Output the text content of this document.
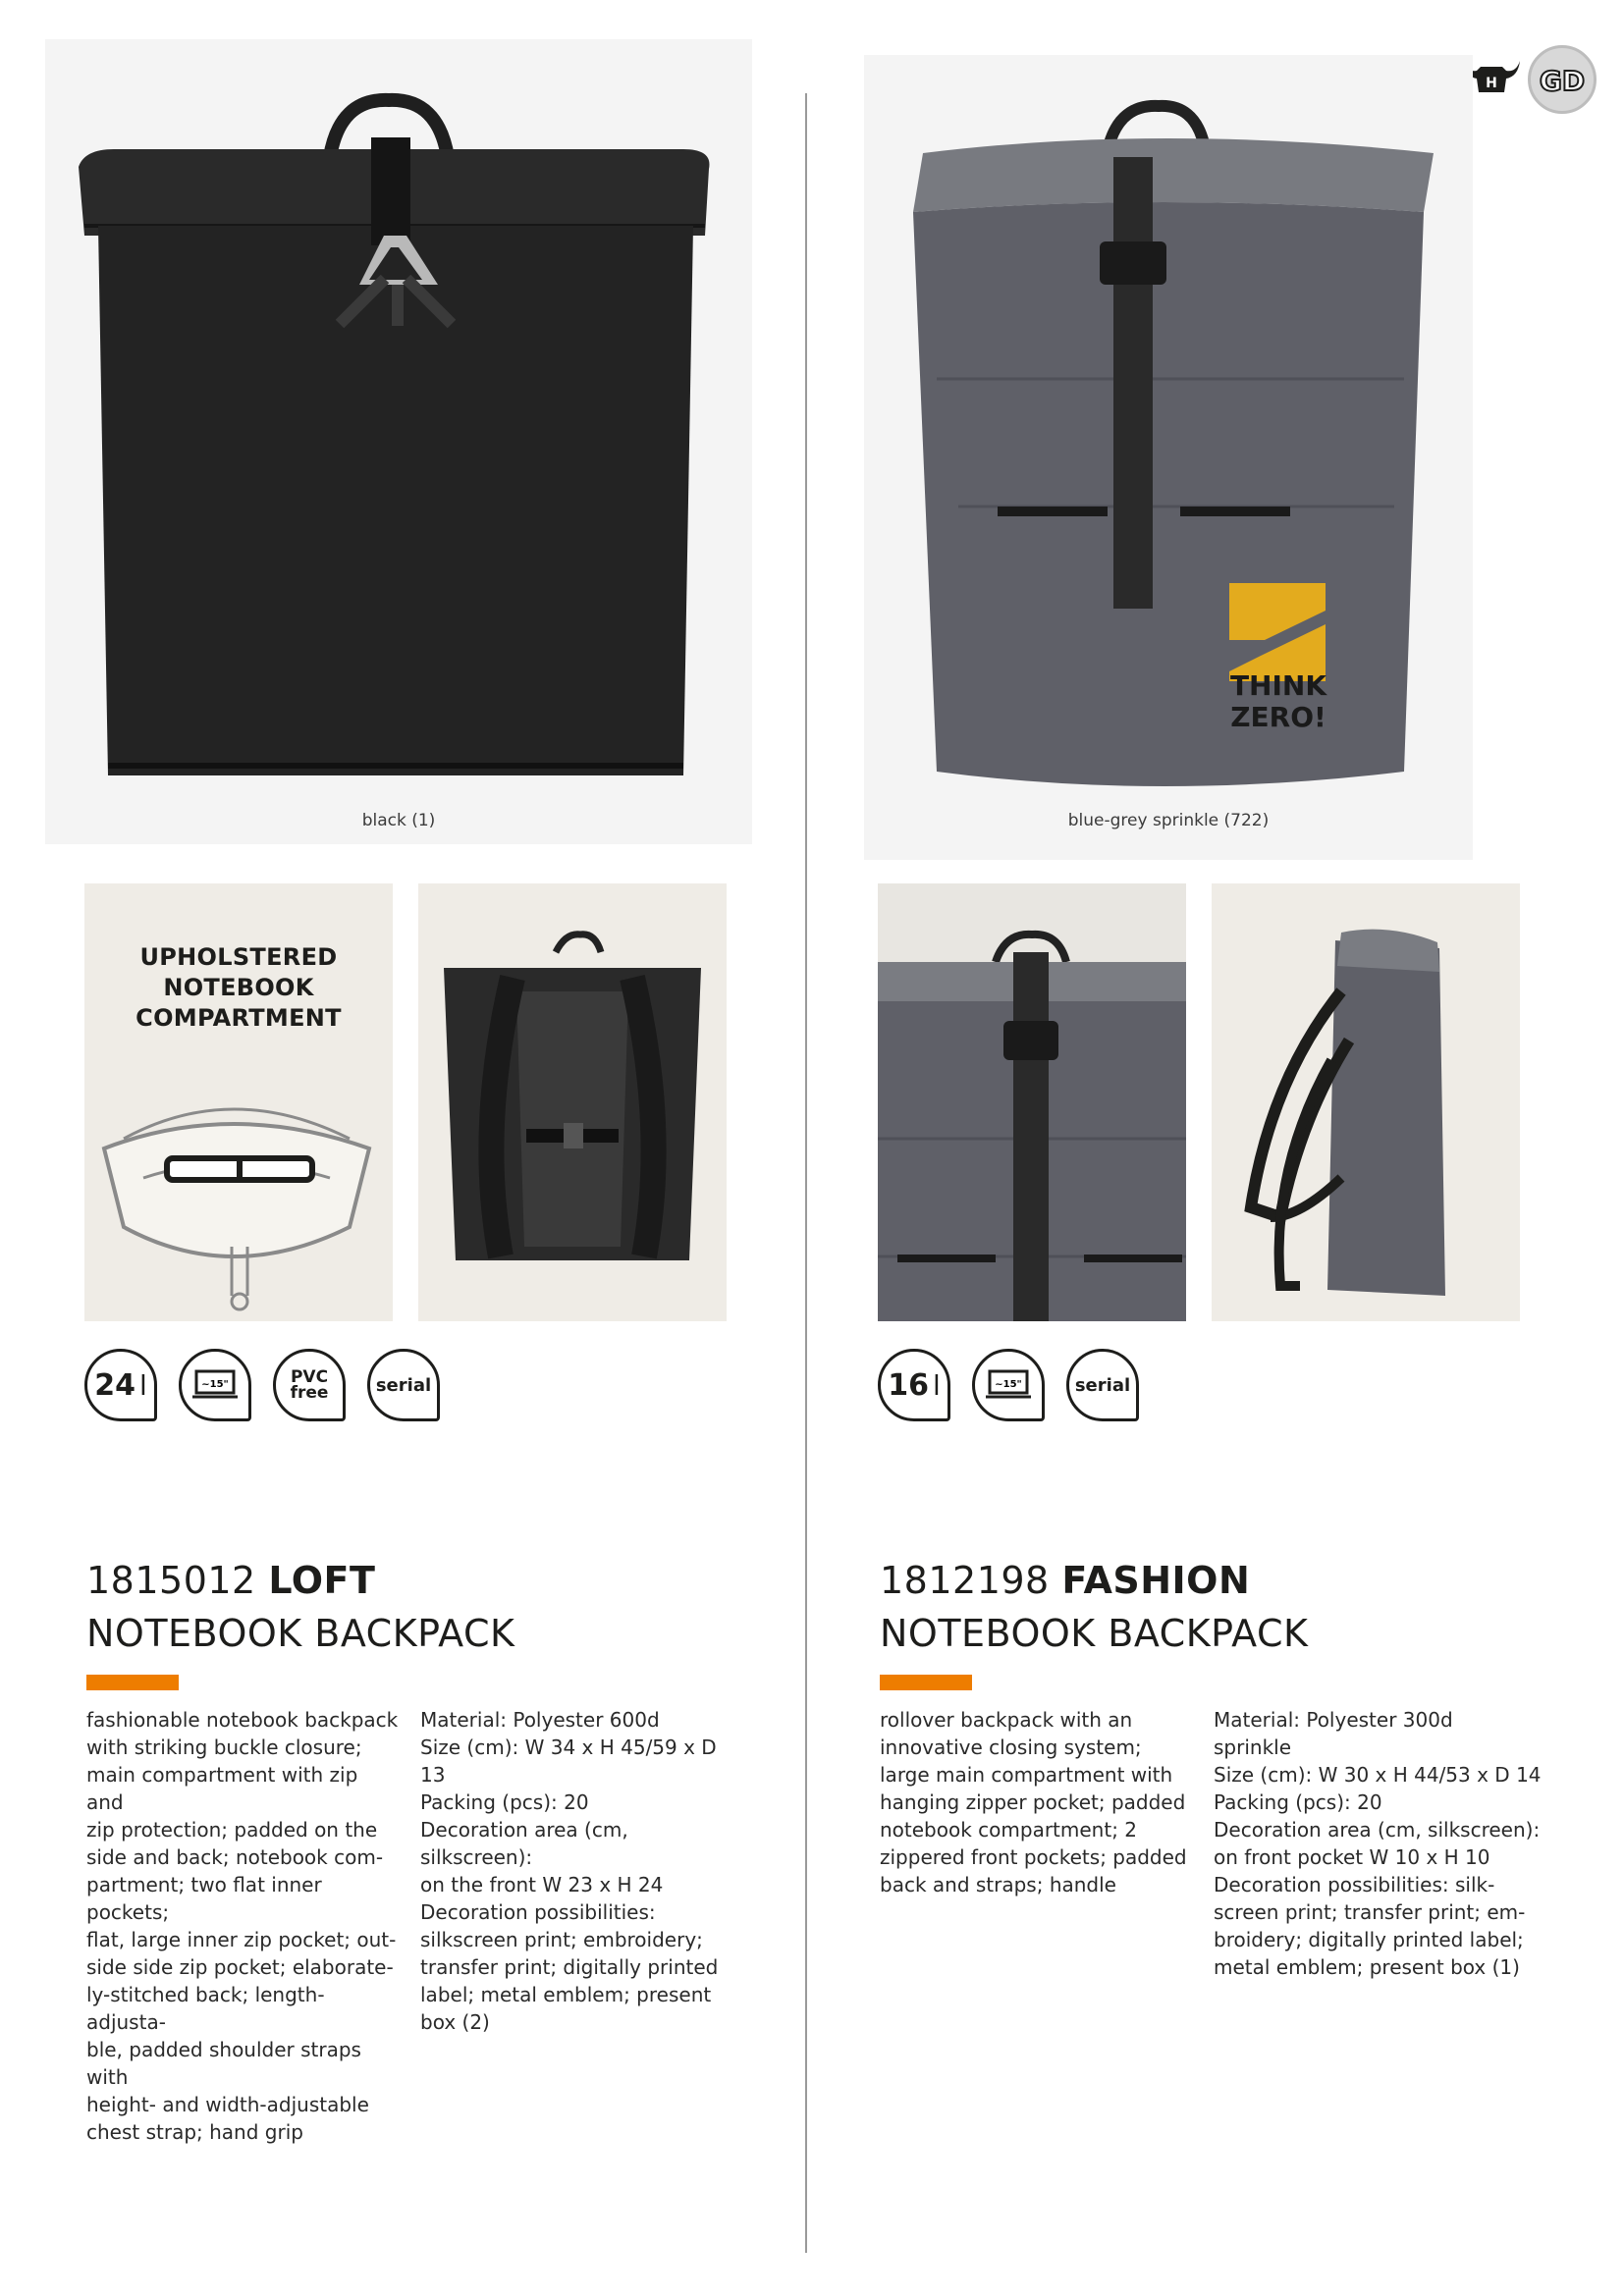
H GD
black (1)
UPHOLSTERED
NOTEBOOK
COMPARTMENT
24 l	~15"	PVC
free	serial
1815012 LOFT
NOTEBOOK BACKPACK
fashionable notebook backpack
with striking buckle closure;
main compartment with zip and
zip protection; padded on the
side and back; notebook com-
partment; two flat inner pockets;
flat, large inner zip pocket; out-
side side zip pocket; elaborate-
ly-stitched back; length-adjusta-
ble, padded shoulder straps with
height- and width-adjustable
chest strap; hand grip
Material: Polyester 600d
Size (cm): W 34 x H 45/59 x D 13
Packing (pcs): 20
Decoration area (cm, silkscreen):
on the front W 23 x H 24
Decoration possibilities:
silkscreen print; embroidery;
transfer print; digitally printed
label; metal emblem; present
box (2)
THINK
ZERO!
blue-grey sprinkle (722)
16 l	~15"	serial
1812198 FASHION
NOTEBOOK BACKPACK
rollover backpack with an
innovative closing system;
large main compartment with
hanging zipper pocket; padded
notebook compartment; 2
zippered front pockets; padded
back and straps; handle
Material: Polyester 300d
sprinkle
Size (cm): W 30 x H 44/53 x D 14
Packing (pcs): 20
Decoration area (cm, silkscreen):
on front pocket W 10 x H 10
Decoration possibilities: silk-
screen print; transfer print; em-
broidery; digitally printed label;
metal emblem; present box (1)
